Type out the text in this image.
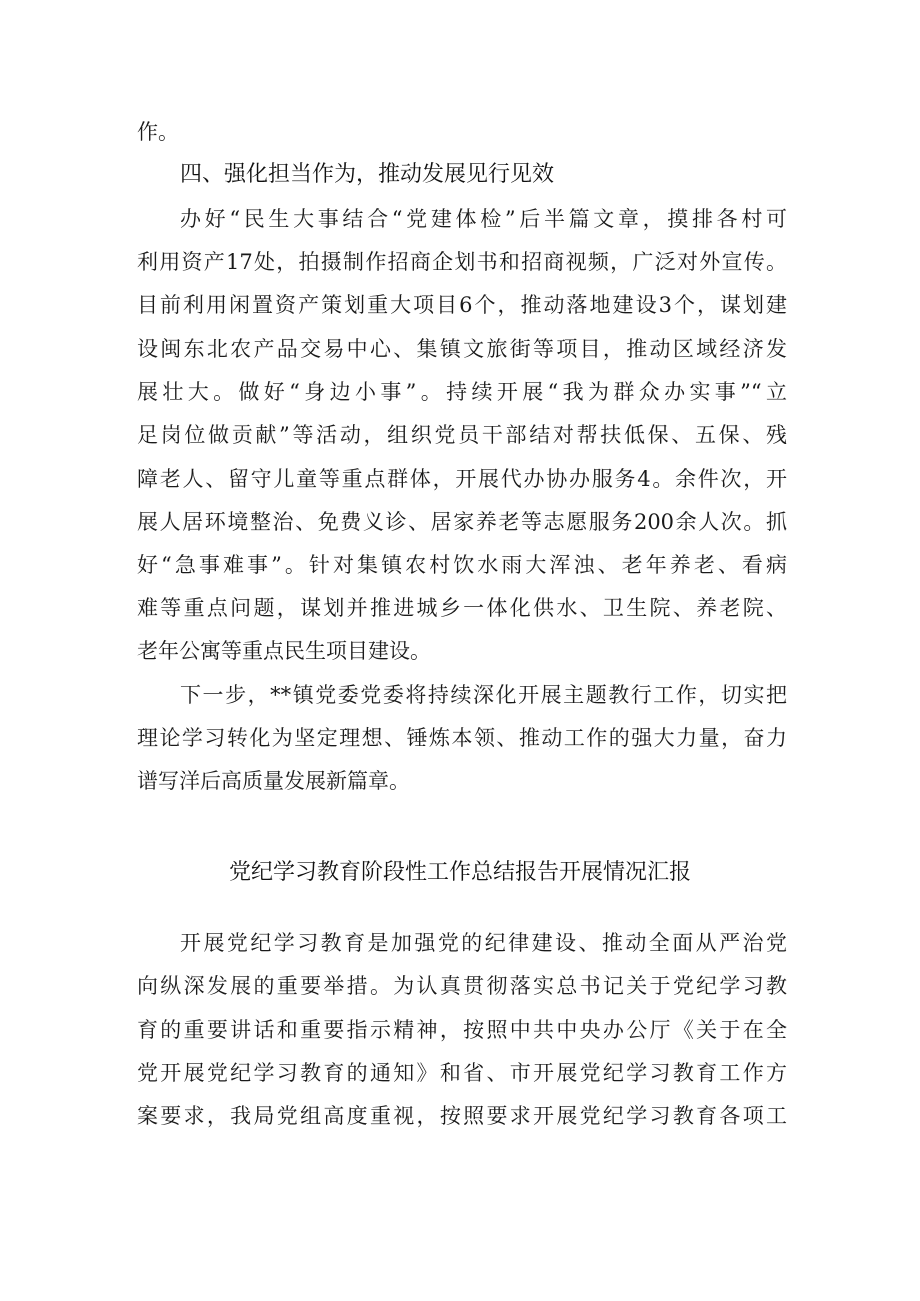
作。
四、强化担当作为，推动发展见行见效
办好“民生大事结合“党建体检”后半篇文章，摸排各村可
利用资产17处，拍摄制作招商企划书和招商视频，广泛对外宣传。
目前利用闲置资产策划重大项目6个，推动落地建设3个，谋划建
设闽东北农产品交易中心、集镇文旅街等项目，推动区域经济发
展壮大。做好“身边小事”。持续开展“我为群众办实事”“立
足岗位做贡献”等活动，组织党员干部结对帮扶低保、五保、残
障老人、留守儿童等重点群体，开展代办协办服务4。余件次，开
展人居环境整治、免费义诊、居家养老等志愿服务200余人次。抓
好“急事难事”。针对集镇农村饮水雨大浑浊、老年养老、看病
难等重点问题，谋划并推进城乡一体化供水、卫生院、养老院、
老年公寓等重点民生项目建设。
下一步，**镇党委党委将持续深化开展主题教行工作，切实把
理论学习转化为坚定理想、锤炼本领、推动工作的强大力量，奋力
谱写洋后高质量发展新篇章。
党纪学习教育阶段性工作总结报告开展情况汇报
开展党纪学习教育是加强党的纪律建设、推动全面从严治党
向纵深发展的重要举措。为认真贯彻落实总书记关于党纪学习教
育的重要讲话和重要指示精神，按照中共中央办公厅《关于在全
党开展党纪学习教育的通知》和省、市开展党纪学习教育工作方
案要求，我局党组高度重视，按照要求开展党纪学习教育各项工
